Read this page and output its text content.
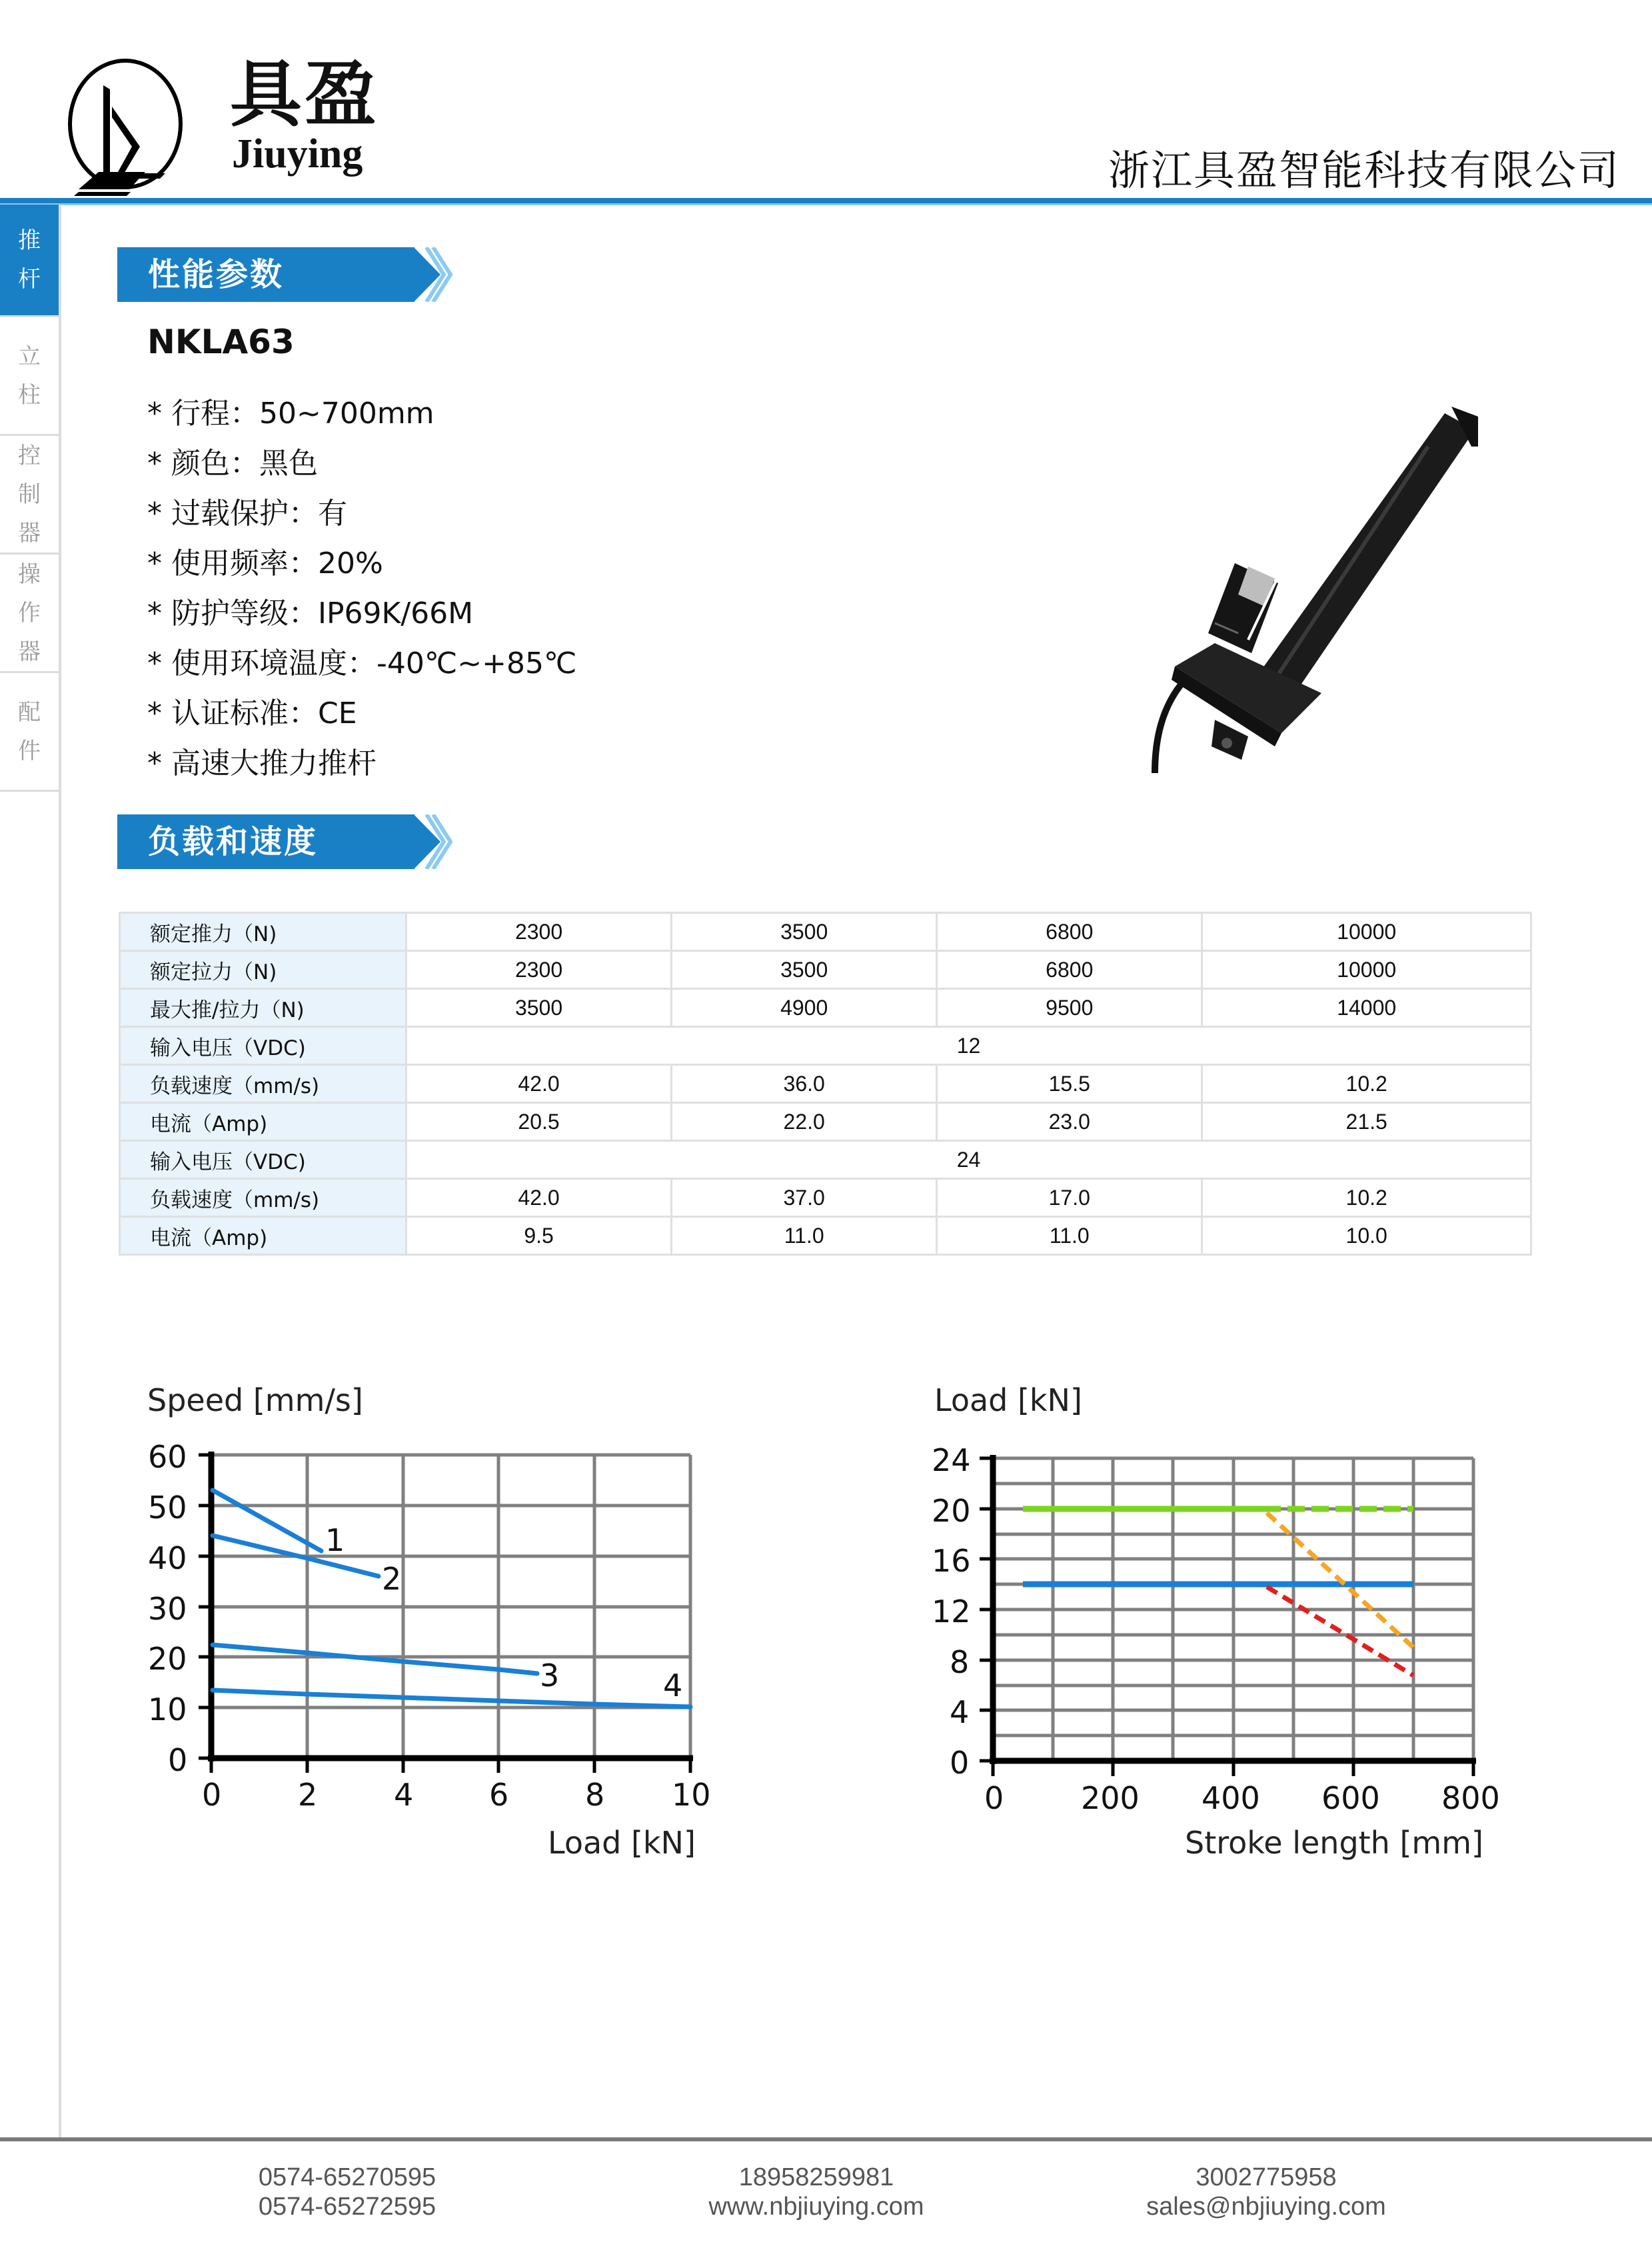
具盈
Jiuying	浙江具盈智能科技有限公司
推
杆
立
柱
控
制
器
操
作
器
配
件
性能参数
NKLA63
* 行程：50~700mm
* 颜色：黑色
* 过载保护：有
* 使用频率：20%
* 防护等级：IP69K/66M
* 使用环境温度：-40℃~+85℃
* 认证标准：CE
* 高速大推力推杆
负载和速度
额定推力（N)	2300	3500	6800	10000
额定拉力（N)	2300	3500	6800	10000
最大推/拉力（N)	3500	4900	9500	14000
输入电压（VDC)	12			
负载速度（mm/s)	42.0	36.0	15.5	10.2
电流（Amp)	20.5	22.0	23.0	21.5
输入电压（VDC)	24			
负载速度（mm/s)	42.0	37.0	17.0	10.2
电流（Amp)	9.5	11.0	11.0	10.0
Speed [mm/s]
1
2
3	4
60
50
40
30
20
10
0
0 2 4 6 8 10
Load [kN]
Load [kN]
24
20
16
12
8
4
0
0	200 400 600 800
Stroke length [mm]
0574-65270595
0574-65272595
18958259981
www.nbjiuying.com
3002775958
sales@nbjiuying.com
